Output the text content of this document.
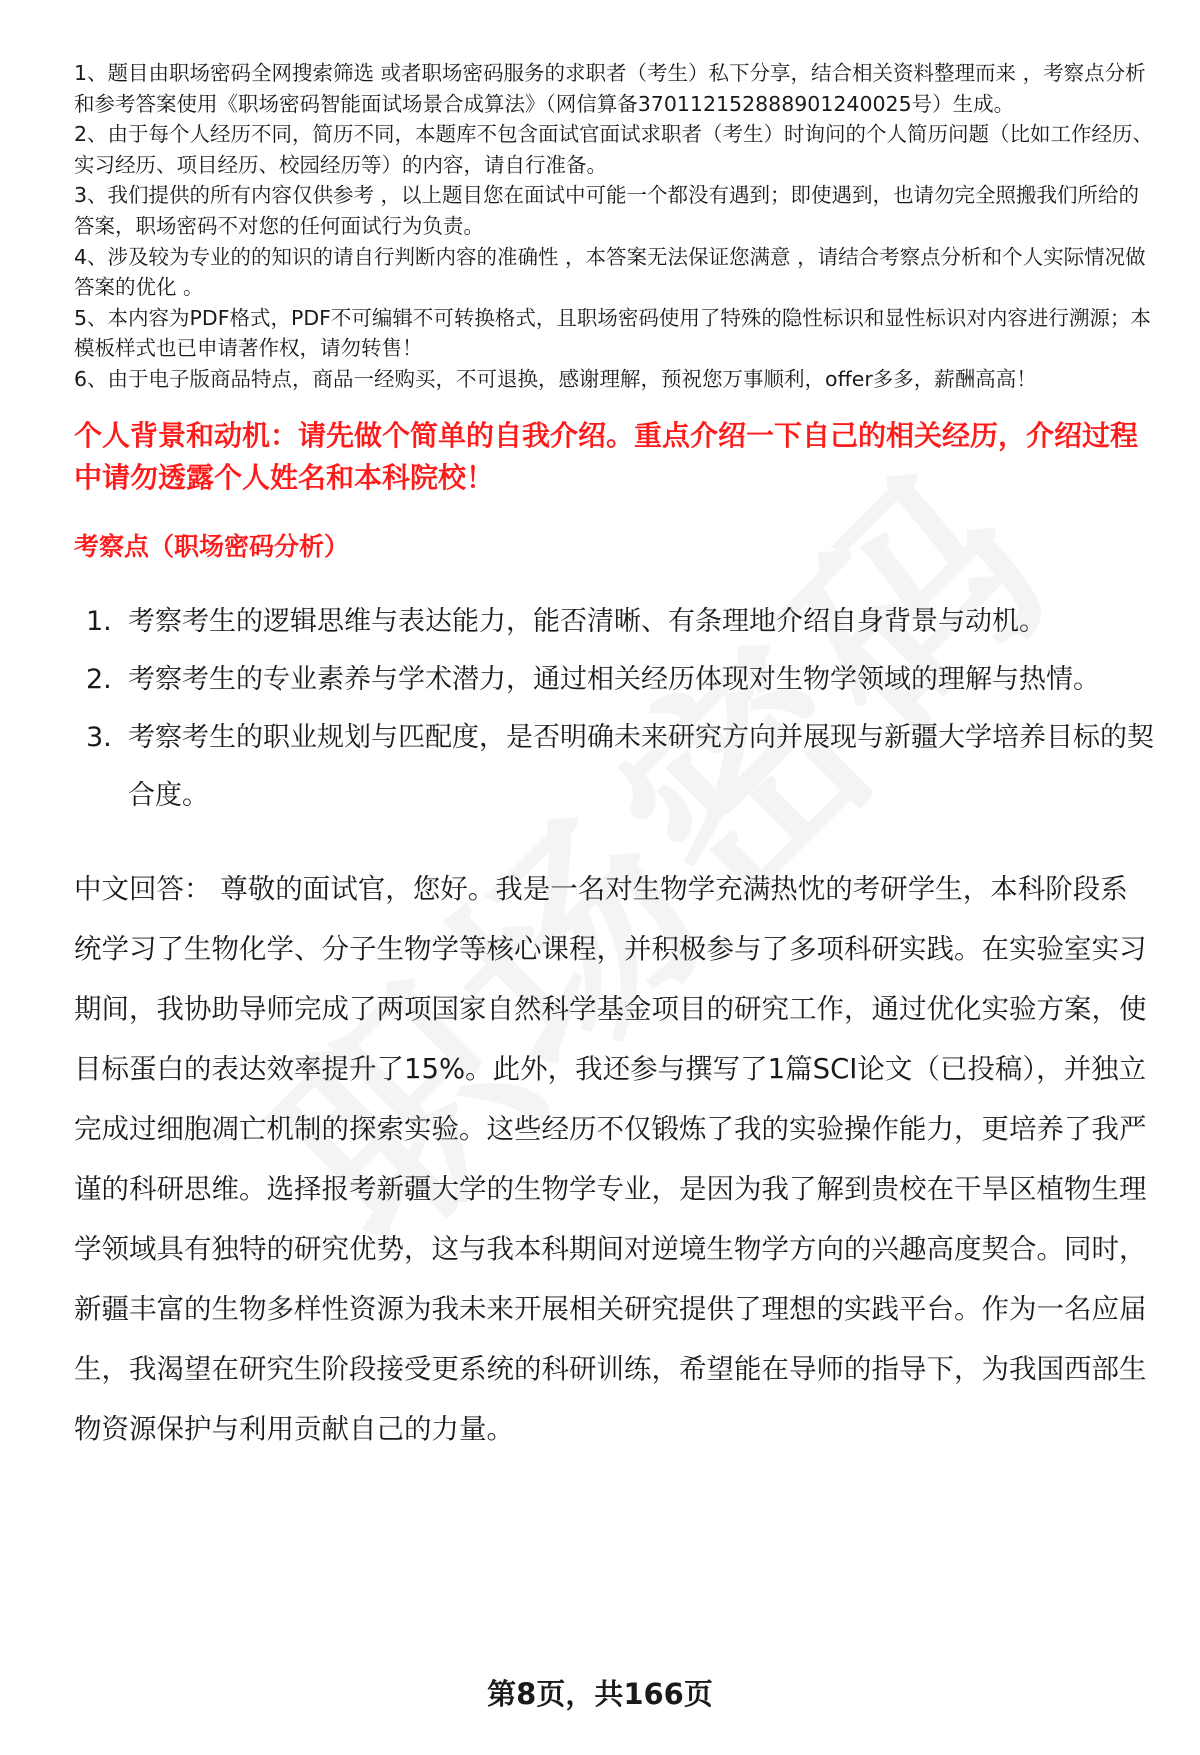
1、题目由职场密码全网搜索筛选 或者职场密码服务的求职者（考生）私下分享，结合相关资料整理而来 ，考察点分析和参考答案使用《职场密码智能面试场景合成算法》（网信算备370112152888901240025号）生成。

2、由于每个人经历不同，简历不同，本题库不包含面试官面试求职者（考生）时询问的个人简历问题（比如工作经历、实习经历、项目经历、校园经历等）的内容，请自行准备。

3、我们提供的所有内容仅供参考 ，以上题目您在面试中可能一个都没有遇到；即使遇到，也请勿完全照搬我们所给的答案，职场密码不对您的任何面试行为负责。

4、涉及较为专业的的知识的请自行判断内容的准确性 ，本答案无法保证您满意 ，请结合考察点分析和个人实际情况做答案的优化 。

5、本内容为PDF格式，PDF不可编辑不可转换格式，且职场密码使用了特殊的隐性标识和显性标识对内容进行溯源；本模板样式也已申请著作权，请勿转售！

6、由于电子版商品特点，商品一经购买，不可退换，感谢理解，预祝您万事顺利，offer多多，薪酬高高！

个人背景和动机：请先做个简单的自我介绍。重点介绍一下自己的相关经历，介绍过程中请勿透露个人姓名和本科院校！
考察点（职场密码分析）
1. 考察考生的逻辑思维与表达能力，能否清晰、有条理地介绍自身背景与动机。
2. 考察考生的专业素养与学术潜力，通过相关经历体现对生物学领域的理解与热情。
3. 考察考生的职业规划与匹配度，是否明确未来研究方向并展现与新疆大学培养目标的契合度。
中文回答： 尊敬的面试官，您好。我是一名对生物学充满热忱的考研学生，本科阶段系统学习了生物化学、分子生物学等核心课程，并积极参与了多项科研实践。在实验室实习期间，我协助导师完成了两项国家自然科学基金项目的研究工作，通过优化实验方案，使目标蛋白的表达效率提升了15%。此外，我还参与撰写了1篇SCI论文（已投稿），并独立完成过细胞凋亡机制的探索实验。这些经历不仅锻炼了我的实验操作能力，更培养了我严谨的科研思维。选择报考新疆大学的生物学专业，是因为我了解到贵校在干旱区植物生理学领域具有独特的研究优势，这与我本科期间对逆境生物学方向的兴趣高度契合。同时，新疆丰富的生物多样性资源为我未来开展相关研究提供了理想的实践平台。作为一名应届生，我渴望在研究生阶段接受更系统的科研训练，希望能在导师的指导下，为我国西部生物资源保护与利用贡献自己的力量。
第8页，共166页
